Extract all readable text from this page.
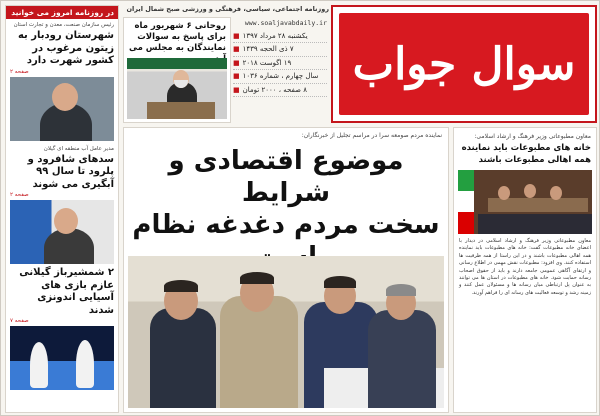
سوال جواب
روزنامه اجتماعی، سیاسی، فرهنگی و ورزشی صبح شمال ایران
www.soaljavabdaily.ir
یکشنبه ۲۸ مرداد ۱۳۹۷
■
۷ ذی الحجه ۱۴۳۹
■
۱۹ اگوست ۲۰۱۸
■
سال چهارم ، شماره ۱۰۳۶
■
۸ صفحه ، ۲۰۰۰ تومان
■
روحانی ۶ شهریور ماه برای پاسخ به سوالات نمایندگان به مجلس می
در روزنامه امروز می خوانید
رئیس سازمان صنعت، معدن و تجارت استان
شهرستان رودبار به زیتون مرغوب در کشور شهرت دارد
صفحه ۲
مدیر عامل آب منطقه ای گیلان
سدهای شافرود و پلرود تا سال ۹۹ آبگیری می شوند
صفحه ۲
۲ شمشیرباز گیلانی عازم بازی های آسیایی اندونزی شدند
صفحه ۷
نماینده مردم صومعه سرا در مراسم تجلیل از خبرنگاران:
موضوع اقتصادی و شرایط
سخت مردم دغدغه نظام
معاون مطبوعاتی وزیر فرهنگ و ارشاد اسلامی:
خانه های مطبوعات باید نماینده همه اهالی مطبوعات باشند
معاون مطبوعاتی وزیر فرهنگ و ارشاد اسلامی در دیدار با اعضای خانه مطبوعات گفت: خانه های مطبوعات باید نماینده همه اهالی مطبوعات باشند و در این راستا از همه ظرفیت ها استفاده کنند. وی افزود: مطبوعات نقش مهمی در اطلاع رسانی و ارتقای آگاهی عمومی جامعه دارند و باید از حقوق اصحاب رسانه حمایت شود. خانه های مطبوعات در استان ها می توانند به عنوان پل ارتباطی میان رسانه ها و مسئولان عمل کنند و زمینه رشد و توسعه فعالیت های رسانه ای را فراهم آورند.
